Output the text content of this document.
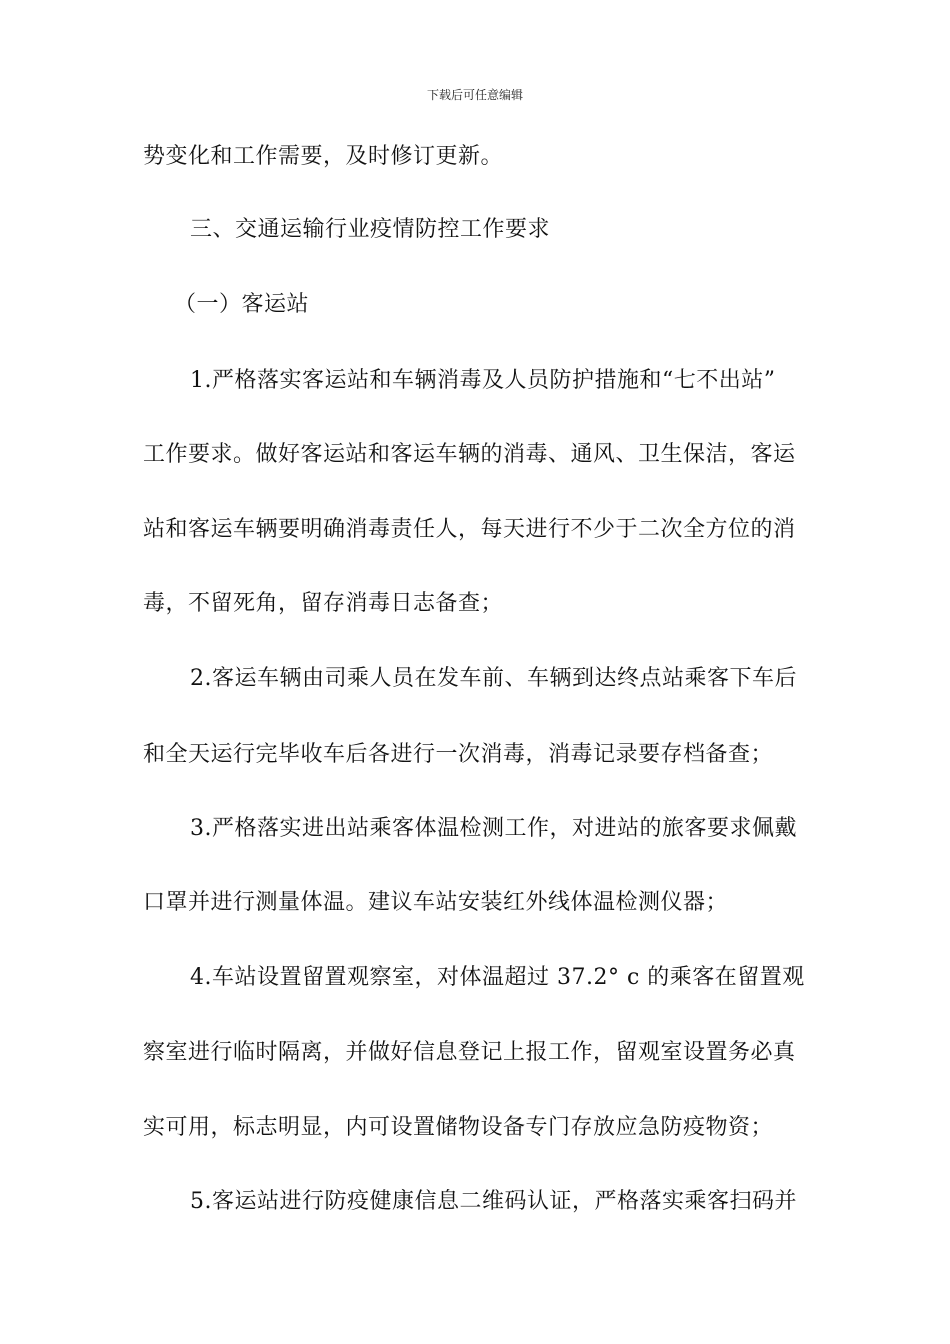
下载后可任意编辑
势变化和工作需要，及时修订更新。
三、交通运输行业疫情防控工作要求
（一）客运站
1.严格落实客运站和车辆消毒及人员防护措施和“七不出站”
工作要求。做好客运站和客运车辆的消毒、通风、卫生保洁，客运
站和客运车辆要明确消毒责任人，每天进行不少于二次全方位的消
毒，不留死角，留存消毒日志备查；
2.客运车辆由司乘人员在发车前、车辆到达终点站乘客下车后
和全天运行完毕收车后各进行一次消毒，消毒记录要存档备查；
3.严格落实进出站乘客体温检测工作，对进站的旅客要求佩戴
口罩并进行测量体温。建议车站安装红外线体温检测仪器；
4.车站设置留置观察室，对体温超过 37.2° c 的乘客在留置观
察室进行临时隔离，并做好信息登记上报工作，留观室设置务必真
实可用，标志明显，内可设置储物设备专门存放应急防疫物资；
5.客运站进行防疫健康信息二维码认证，严格落实乘客扫码并
